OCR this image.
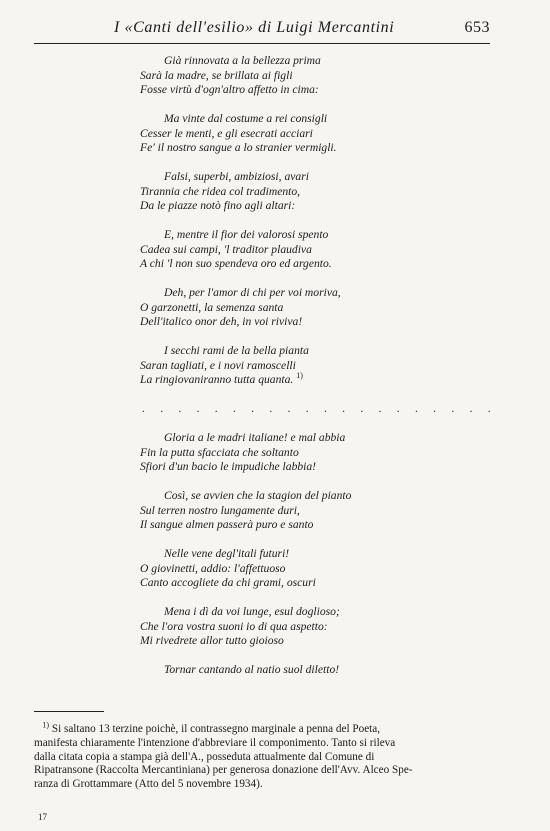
I «Canti dell'esilio» di Luigi Mercantini	653
Già rinnovata a la bellezza prima
Sarà la madre, se brillata ai figli
Fosse virtù d'ogn'altro affetto in cima:
Ma vinte dal costume a rei consigli
Cesser le menti, e gli esecrati acciari
Fe' il nostro sangue a lo stranier vermigli.
Falsi, superbi, ambiziosi, avari
Tirannia che ridea col tradimento,
Da le piazze notò fino agli altari:
E, mentre il fior dei valorosi spento
Cadea sui campi, 'l traditor plaudiva
A chi 'l non suo spendeva oro ed argento.
Deh, per l'amor di chi per voi moriva,
O garzonetti, la semenza santa
Dell'italico onor deh, in voi riviva!
I secchi rami de la bella pianta
Saran tagliati, e i novi ramoscelli
La ringiovaniranno tutta quanta. $^{1)}$
. . . . . . . . . . . . . . . . . . . .
Gloria a le madri italiane! e mal abbia
Fin la putta sfacciata che soltanto
Sfiori d'un bacio le impudiche labbia!
Così, se avvien che la stagion del pianto
Sul terren nostro lungamente duri,
Il sangue almen passerà puro e santo
Nelle vene degl'itali futuri!
O giovinetti, addio: l'affettuoso
Canto accogliete da chi grami, oscuri
Mena i dì da voi lunge, esul doglioso;
Che l'ora vostra suoni io di qua aspetto:
Mi rivedrete allor tutto gioioso
Tornar cantando al natio suol diletto!
$^{1)}$ Si saltano 13 terzine poichè, il contrassegno marginale a penna del Poeta,
manifesta chiaramente l'intenzione d'abbreviare il componimento. Tanto si rileva
dalla citata copia a stampa già dell'A., posseduta attualmente dal Comune di
Ripatransone (Raccolta Mercantiniana) per generosa donazione dell'Avv. Alceo Spe-
ranza di Grottammare (Atto del 5 novembre 1934).
17
